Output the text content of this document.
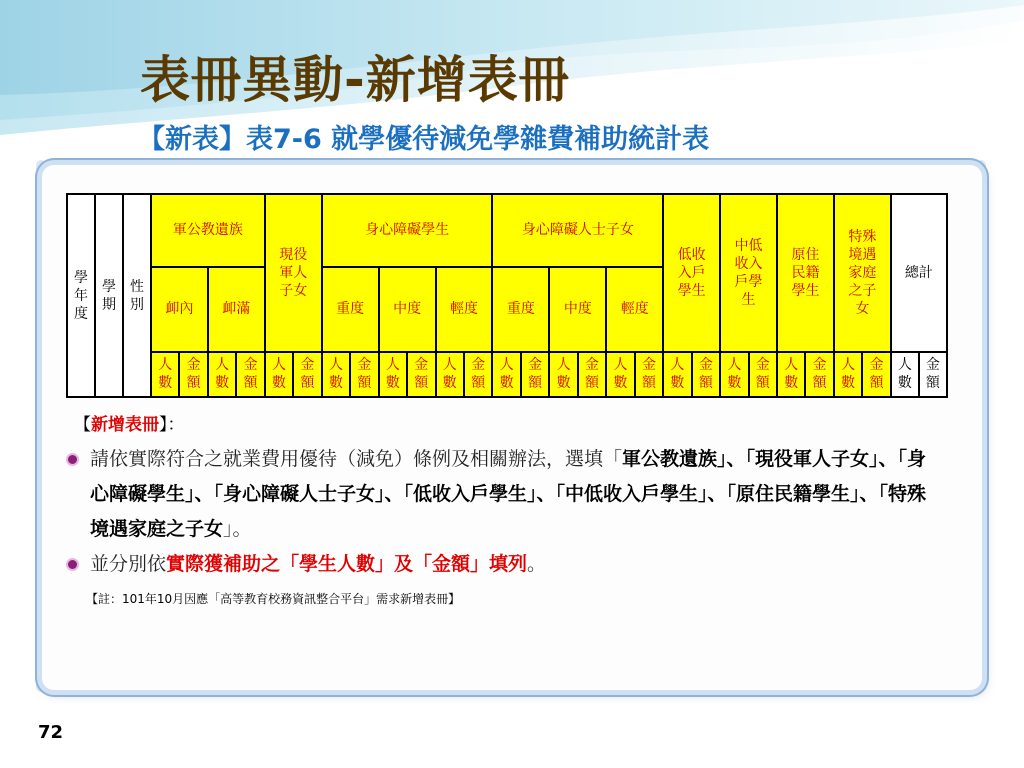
表冊異動-新增表冊
【新表】表7-6 就學優待減免學雜費補助統計表
學年度	學期	性別	軍公教遺族				現役軍人子女		身心障礙學生						身心障礙人士子女						低收入戶學生		中低收入戶學生		原住民籍學生		特殊境遇家庭之子女		總計	
			卹內		卹滿				重度		中度		輕度		重度		中度		輕度											
			人數	金額	人數	金額	人數	金額	人數	金額	人數	金額	人數	金額	人數	金額	人數	金額	人數	金額	人數	金額	人數	金額	人數	金額	人數	金額	人數	金額
【新增表冊】：
請依實際符合之就業費用優待（減免）條例及相關辦法，選填「軍公教遺族」、「現役軍人子女」、「身心障礙學生」、「身心障礙人士子女」、「低收入戶學生」、「中低收入戶學生」、「原住民籍學生」、「特殊境遇家庭之子女」。
並分別依實際獲補助之「學生人數」及「金額」填列。
【註：101年10月因應「高等教育校務資訊整合平台」需求新增表冊】
72
